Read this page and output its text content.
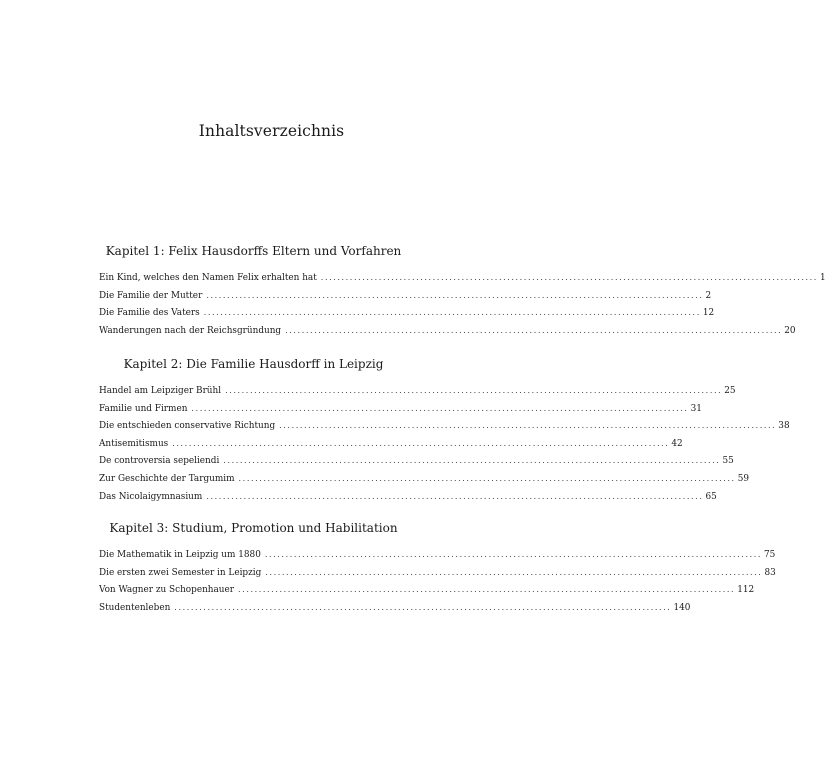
Inhaltsverzeichnis
Kapitel 1: Felix Hausdorffs Eltern und Vorfahren
Ein Kind, welches den Namen Felix erhalten hat ........................................................................................................................ 1
Die Familie der Mutter ........................................................................................................................ 2
Die Familie des Vaters ........................................................................................................................ 12
Wanderungen nach der Reichsgründung ........................................................................................................................ 20
Kapitel 2: Die Familie Hausdorff in Leipzig
Handel am Leipziger Brühl ........................................................................................................................ 25
Familie und Firmen ........................................................................................................................ 31
Die entschieden conservative Richtung ........................................................................................................................ 38
Antisemitismus ........................................................................................................................ 42
De controversia sepeliendi ........................................................................................................................ 55
Zur Geschichte der Targumim ........................................................................................................................ 59
Das Nicolaigymnasium ........................................................................................................................ 65
Kapitel 3: Studium, Promotion und Habilitation
Die Mathematik in Leipzig um 1880 ........................................................................................................................ 75
Die ersten zwei Semester in Leipzig ........................................................................................................................ 83
Von Wagner zu Schopenhauer ........................................................................................................................ 112
Studentenleben ........................................................................................................................ 140
